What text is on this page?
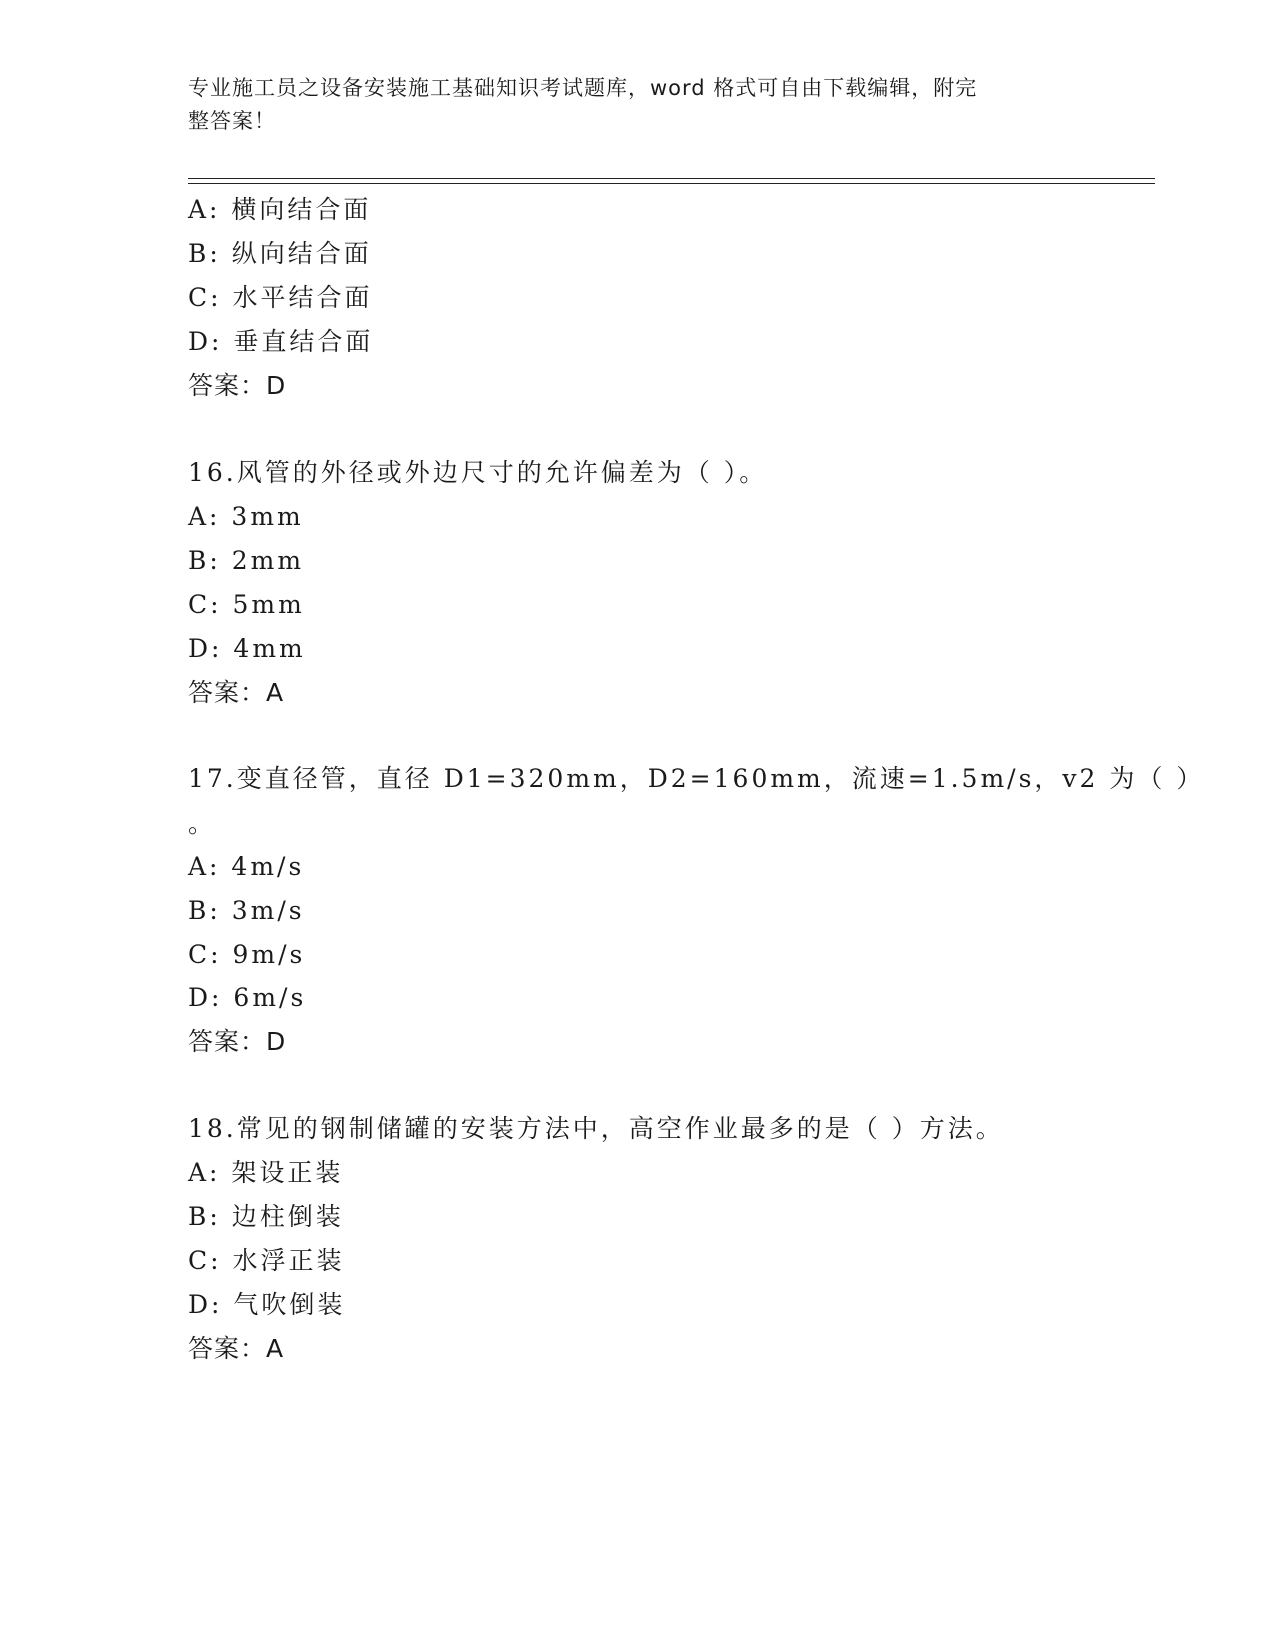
专业施工员之设备安装施工基础知识考试题库，word 格式可自由下载编辑，附完
整答案！
A: 横向结合面
B: 纵向结合面
C: 水平结合面
D: 垂直结合面
答案：D
16.风管的外径或外边尺寸的允许偏差为（ ）。
A: 3mm
B: 2mm
C: 5mm
D: 4mm
答案：A
17.变直径管，直径 D1=320mm，D2=160mm，流速=1.5m/s，v2 为（ ）
。
A: 4m/s
B: 3m/s
C: 9m/s
D: 6m/s
答案：D
18.常见的钢制储罐的安装方法中，高空作业最多的是（ ）方法。
A: 架设正装
B: 边柱倒装
C: 水浮正装
D: 气吹倒装
答案：A
